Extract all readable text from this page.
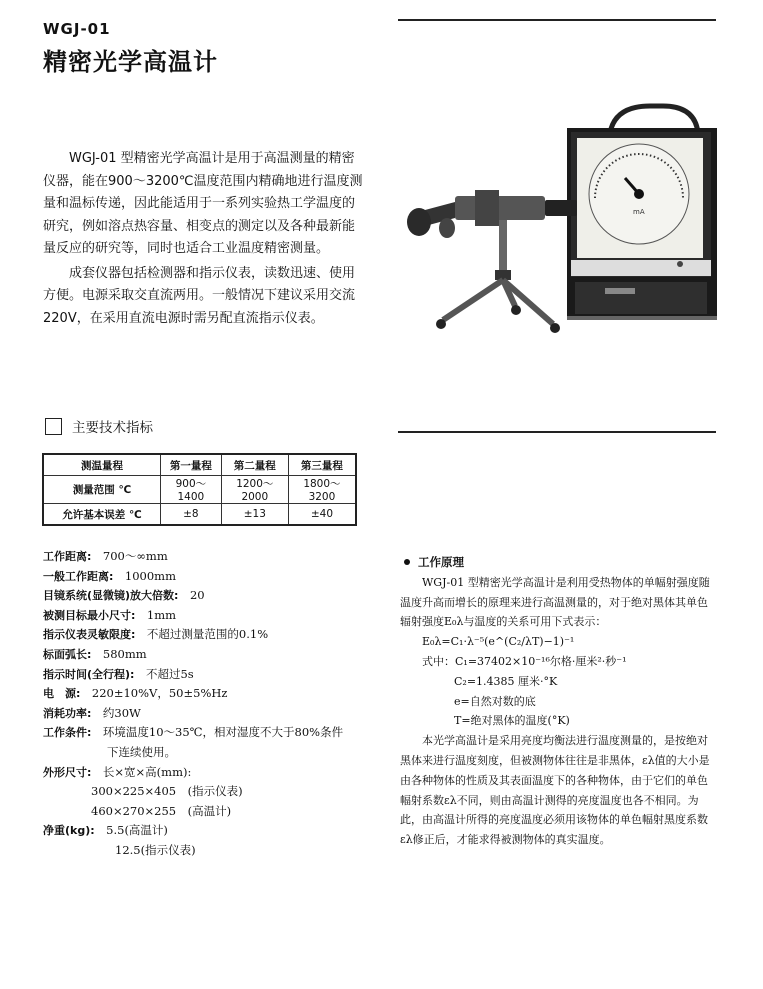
WGJ-01
精密光学高温计

WGJ-01 型精密光学高温计是用于高温测量的精密仪器，能在900～3200℃温度范围内精确地进行温度测量和温标传递，因此能适用于一系列实验热工学温度的研究，例如溶点热容量、相变点的测定以及各种最新能量反应的研究等，同时也适合工业温度精密测量。

成套仪器包括检测器和指示仪表，读数迅速、使用方便。电源采取交直流两用。一般情况下建议采用交流220V，在采用直流电源时需另配直流指示仪表。

mA
主要技术指标
测温量程	第一量程	第二量程	第三量程
测量范围 ℃	900～1400	1200～2000	1800～3200
允许基本误差 ℃	±8	±13	±40
工作距离:　 700～∞mm
一般工作距离:　 1000mm
目镜系统(显微镜)放大倍数:　 20
被测目标最小尺寸:　 1mm
指示仪表灵敏限度:　 不超过测量范围的0.1%
标面弧长:　 580mm
指示时间(全行程):　 不超过5s
电　源:　 220±10%V，50±5%Hz
消耗功率:　 约30W
工作条件:　 环境温度10～35℃，相对湿度不大于80%条件
下连续使用。
外形尺寸:　 长×宽×高(mm):
300×225×405　(指示仪表)
460×270×255　(高温计)
净重(kg):　 5.5(高温计)
12.5(指示仪表)
工作原理

WGJ-01 型精密光学高温计是利用受热物体的单幅射强度随温度升高而增长的原理来进行高温测量的，对于绝对黑体其单色辐射强度E₀λ与温度的关系可用下式表示：

E₀λ=C₁·λ⁻⁵(e^(C₂/λT)−1)⁻¹
式中：C₁=37402×10⁻¹⁶尔格·厘米²·秒⁻¹
C₂=1.4385 厘米·°K
e=自然对数的底
T=绝对黑体的温度(°K)

本光学高温计是采用亮度均衡法进行温度测量的，是按绝对黑体来进行温度刻度，但被测物体往往是非黑体，ελ值的大小是由各种物体的性质及其表面温度下的各种物体，由于它们的单色幅射系数ελ不同，则由高温计测得的亮度温度也各不相同。为此，由高温计所得的亮度温度必须用该物体的单色幅射黑度系数ελ修正后，才能求得被测物体的真实温度。
